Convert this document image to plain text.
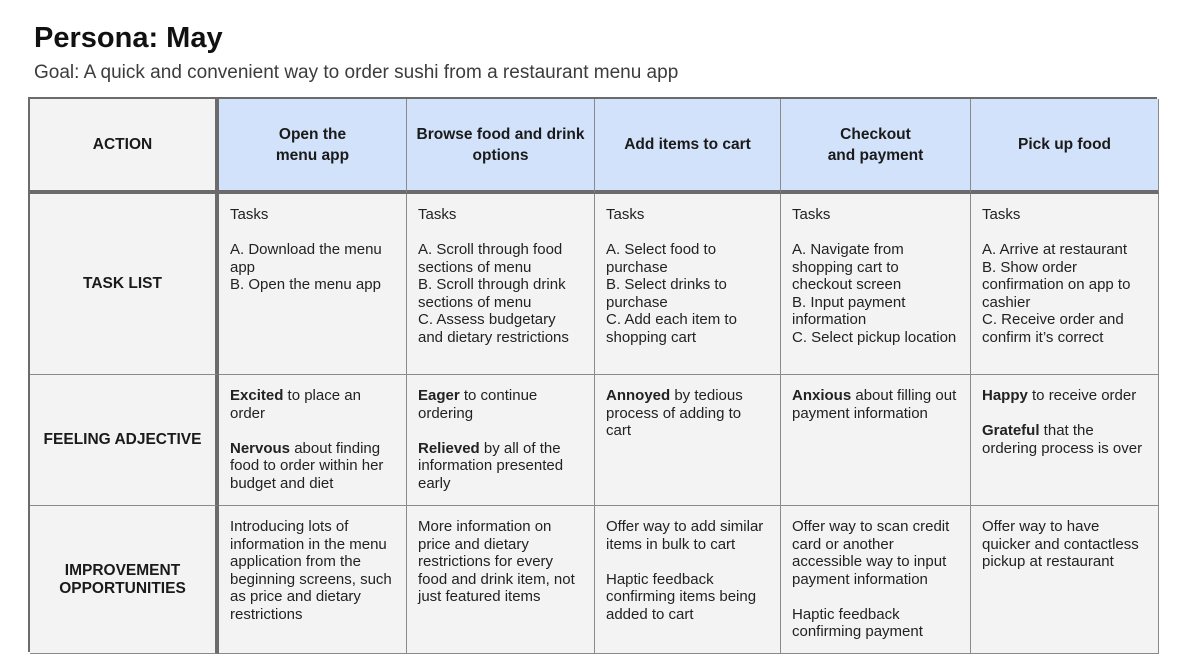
Persona: May
Goal: A quick and convenient way to order sushi from a restaurant menu app
ACTION
Open the
menu app
Browse food and drink
options
Add items to cart
Checkout
and payment
Pick up food
TASK LIST
Tasks
A. Download the menu app
B. Open the menu app
Tasks
A. Scroll through food sections of menu
B. Scroll through drink sections of menu
C. Assess budgetary and dietary restrictions
Tasks
A. Select food to purchase
B. Select drinks to purchase
C. Add each item to shopping cart
Tasks
A. Navigate from shopping cart to checkout screen
B. Input payment information
C. Select pickup location
Tasks
A. Arrive at restaurant
B. Show order confirmation on app to cashier
C. Receive order and confirm it’s correct
FEELING ADJECTIVE
Excited to place an order
Nervous about finding food to order within her budget and diet
Eager to continue ordering
Relieved by all of the information presented early
Annoyed by tedious process of adding to cart
Anxious about filling out payment information
Happy to receive order
Grateful that the ordering process is over
IMPROVEMENT
OPPORTUNITIES
Introducing lots of information in the menu application from the beginning screens, such as price and dietary restrictions
More information on price and dietary restrictions for every food and drink item, not just featured items
Offer way to add similar items in bulk to cart
Haptic feedback confirming items being added to cart
Offer way to scan credit card or another accessible way to input payment information
Haptic feedback confirming payment
Offer way to have quicker and contactless pickup at restaurant
